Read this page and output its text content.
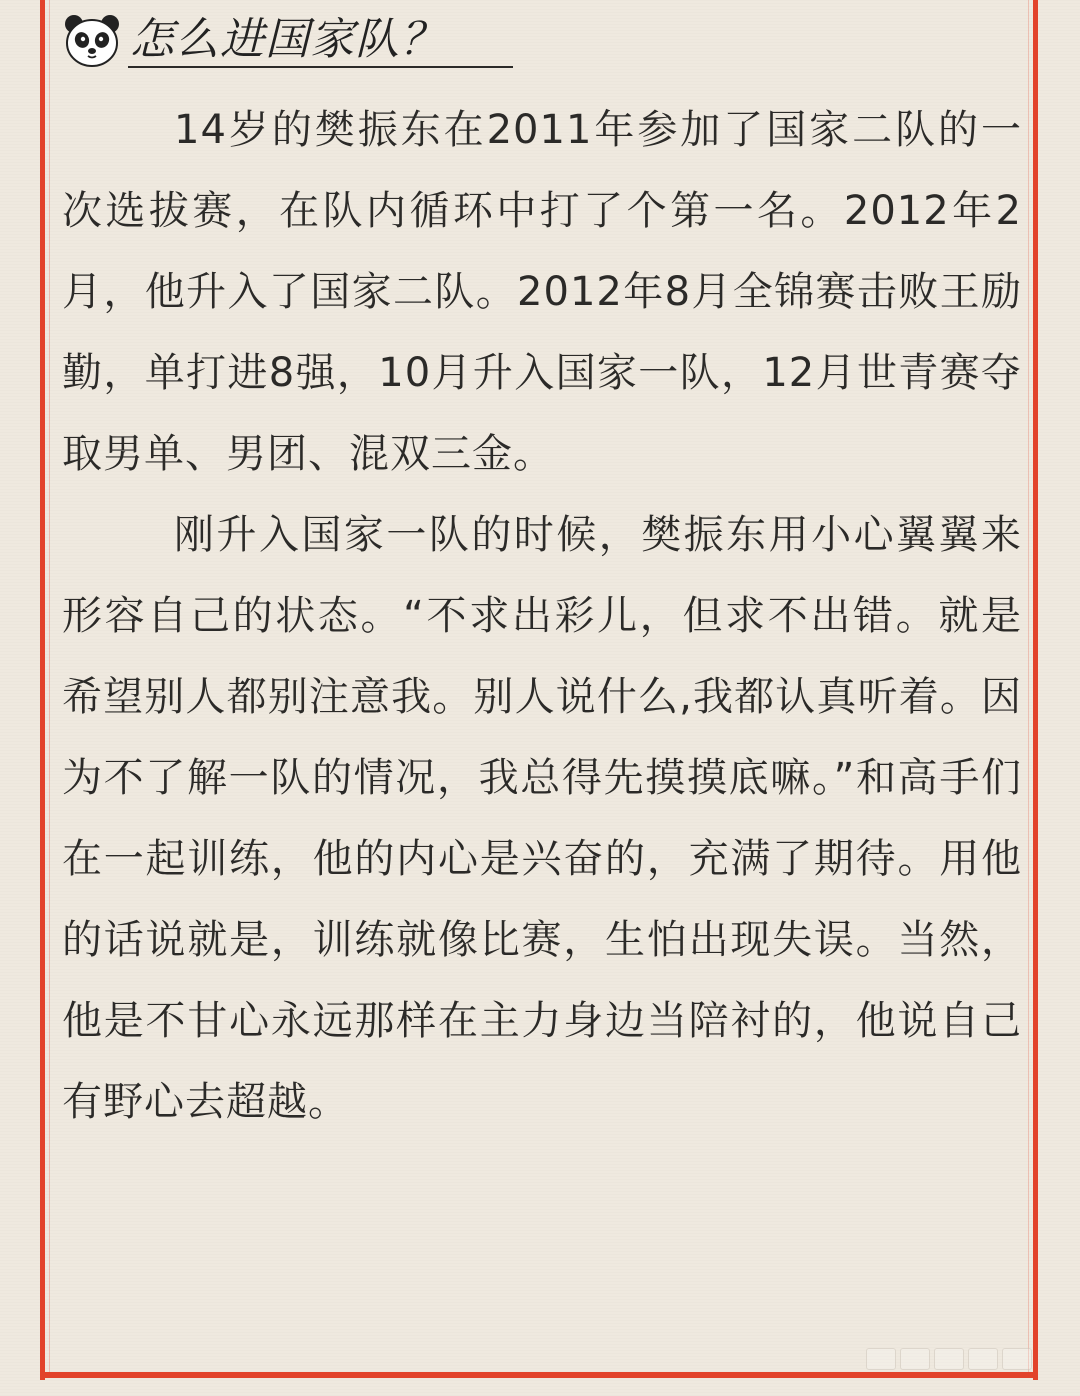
怎么进国家队？

14岁的樊振东在2011年参加了国家二队的一次选拔赛，在队内循环中打了个第一名。2012年2月，他升入了国家二队。2012年8月全锦赛击败王励勤，单打进8强，10月升入国家一队，12月世青赛夺取男单、男团、混双三金。

刚升入国家一队的时候，樊振东用小心翼翼来形容自己的状态。“不求出彩儿，但求不出错。就是希望别人都别注意我。别人说什么,我都认真听着。因为不了解一队的情况，我总得先摸摸底嘛。”和高手们在一起训练，他的内心是兴奋的，充满了期待。用他的话说就是，训练就像比赛，生怕出现失误。当然，他是不甘心永远那样在主力身边当陪衬的，他说自己有野心去超越。
